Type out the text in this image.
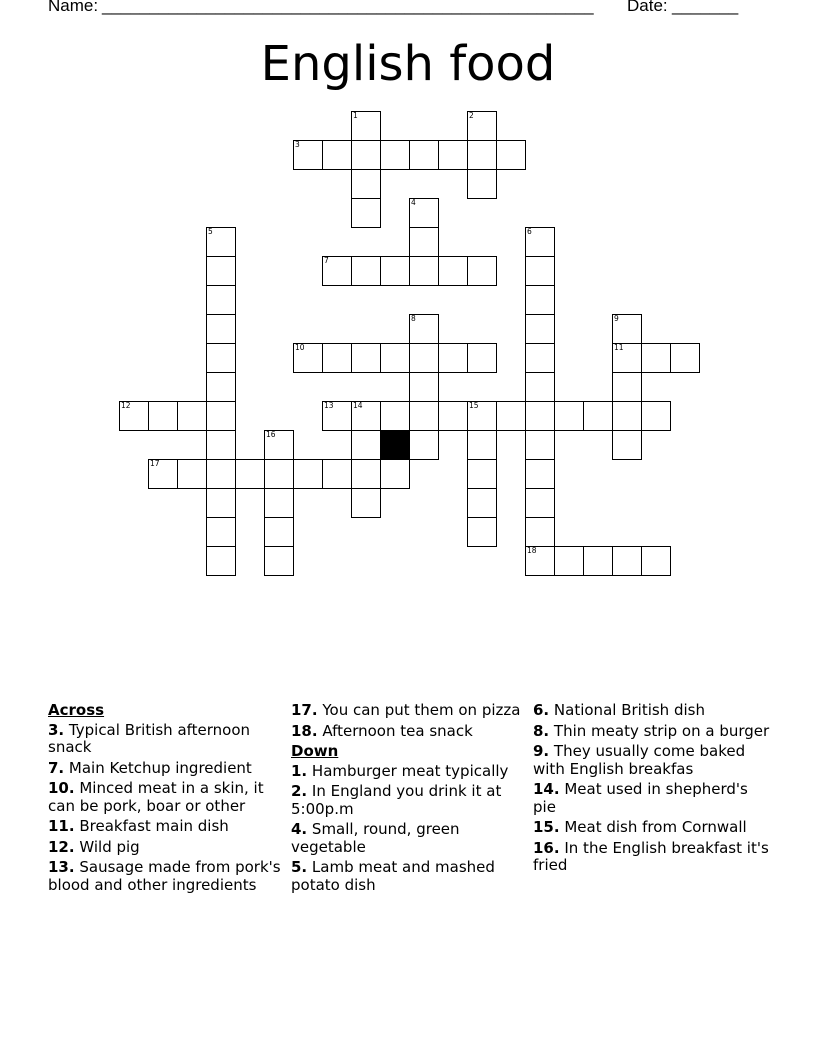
Name: ____________________________________________________ Date: _______
English food
1	2
3
4
5	6
7
8	9
10	11
12	13	14	15
16
17
18
Across
3. Typical British afternoon snack
7. Main Ketchup ingredient
10. Minced meat in a skin, it can be pork, boar or other
11. Breakfast main dish
12. Wild pig
13. Sausage made from pork's blood and other ingredients
17. You can put them on pizza
18. Afternoon tea snack
Down
1. Hamburger meat typically
2. In England you drink it at 5:00p.m
4. Small, round, green vegetable
5. Lamb meat and mashed potato dish
6. National British dish
8. Thin meaty strip on a burger
9. They usually come baked with English breakfas
14. Meat used in shepherd's pie
15. Meat dish from Cornwall
16. In the English breakfast it's fried
